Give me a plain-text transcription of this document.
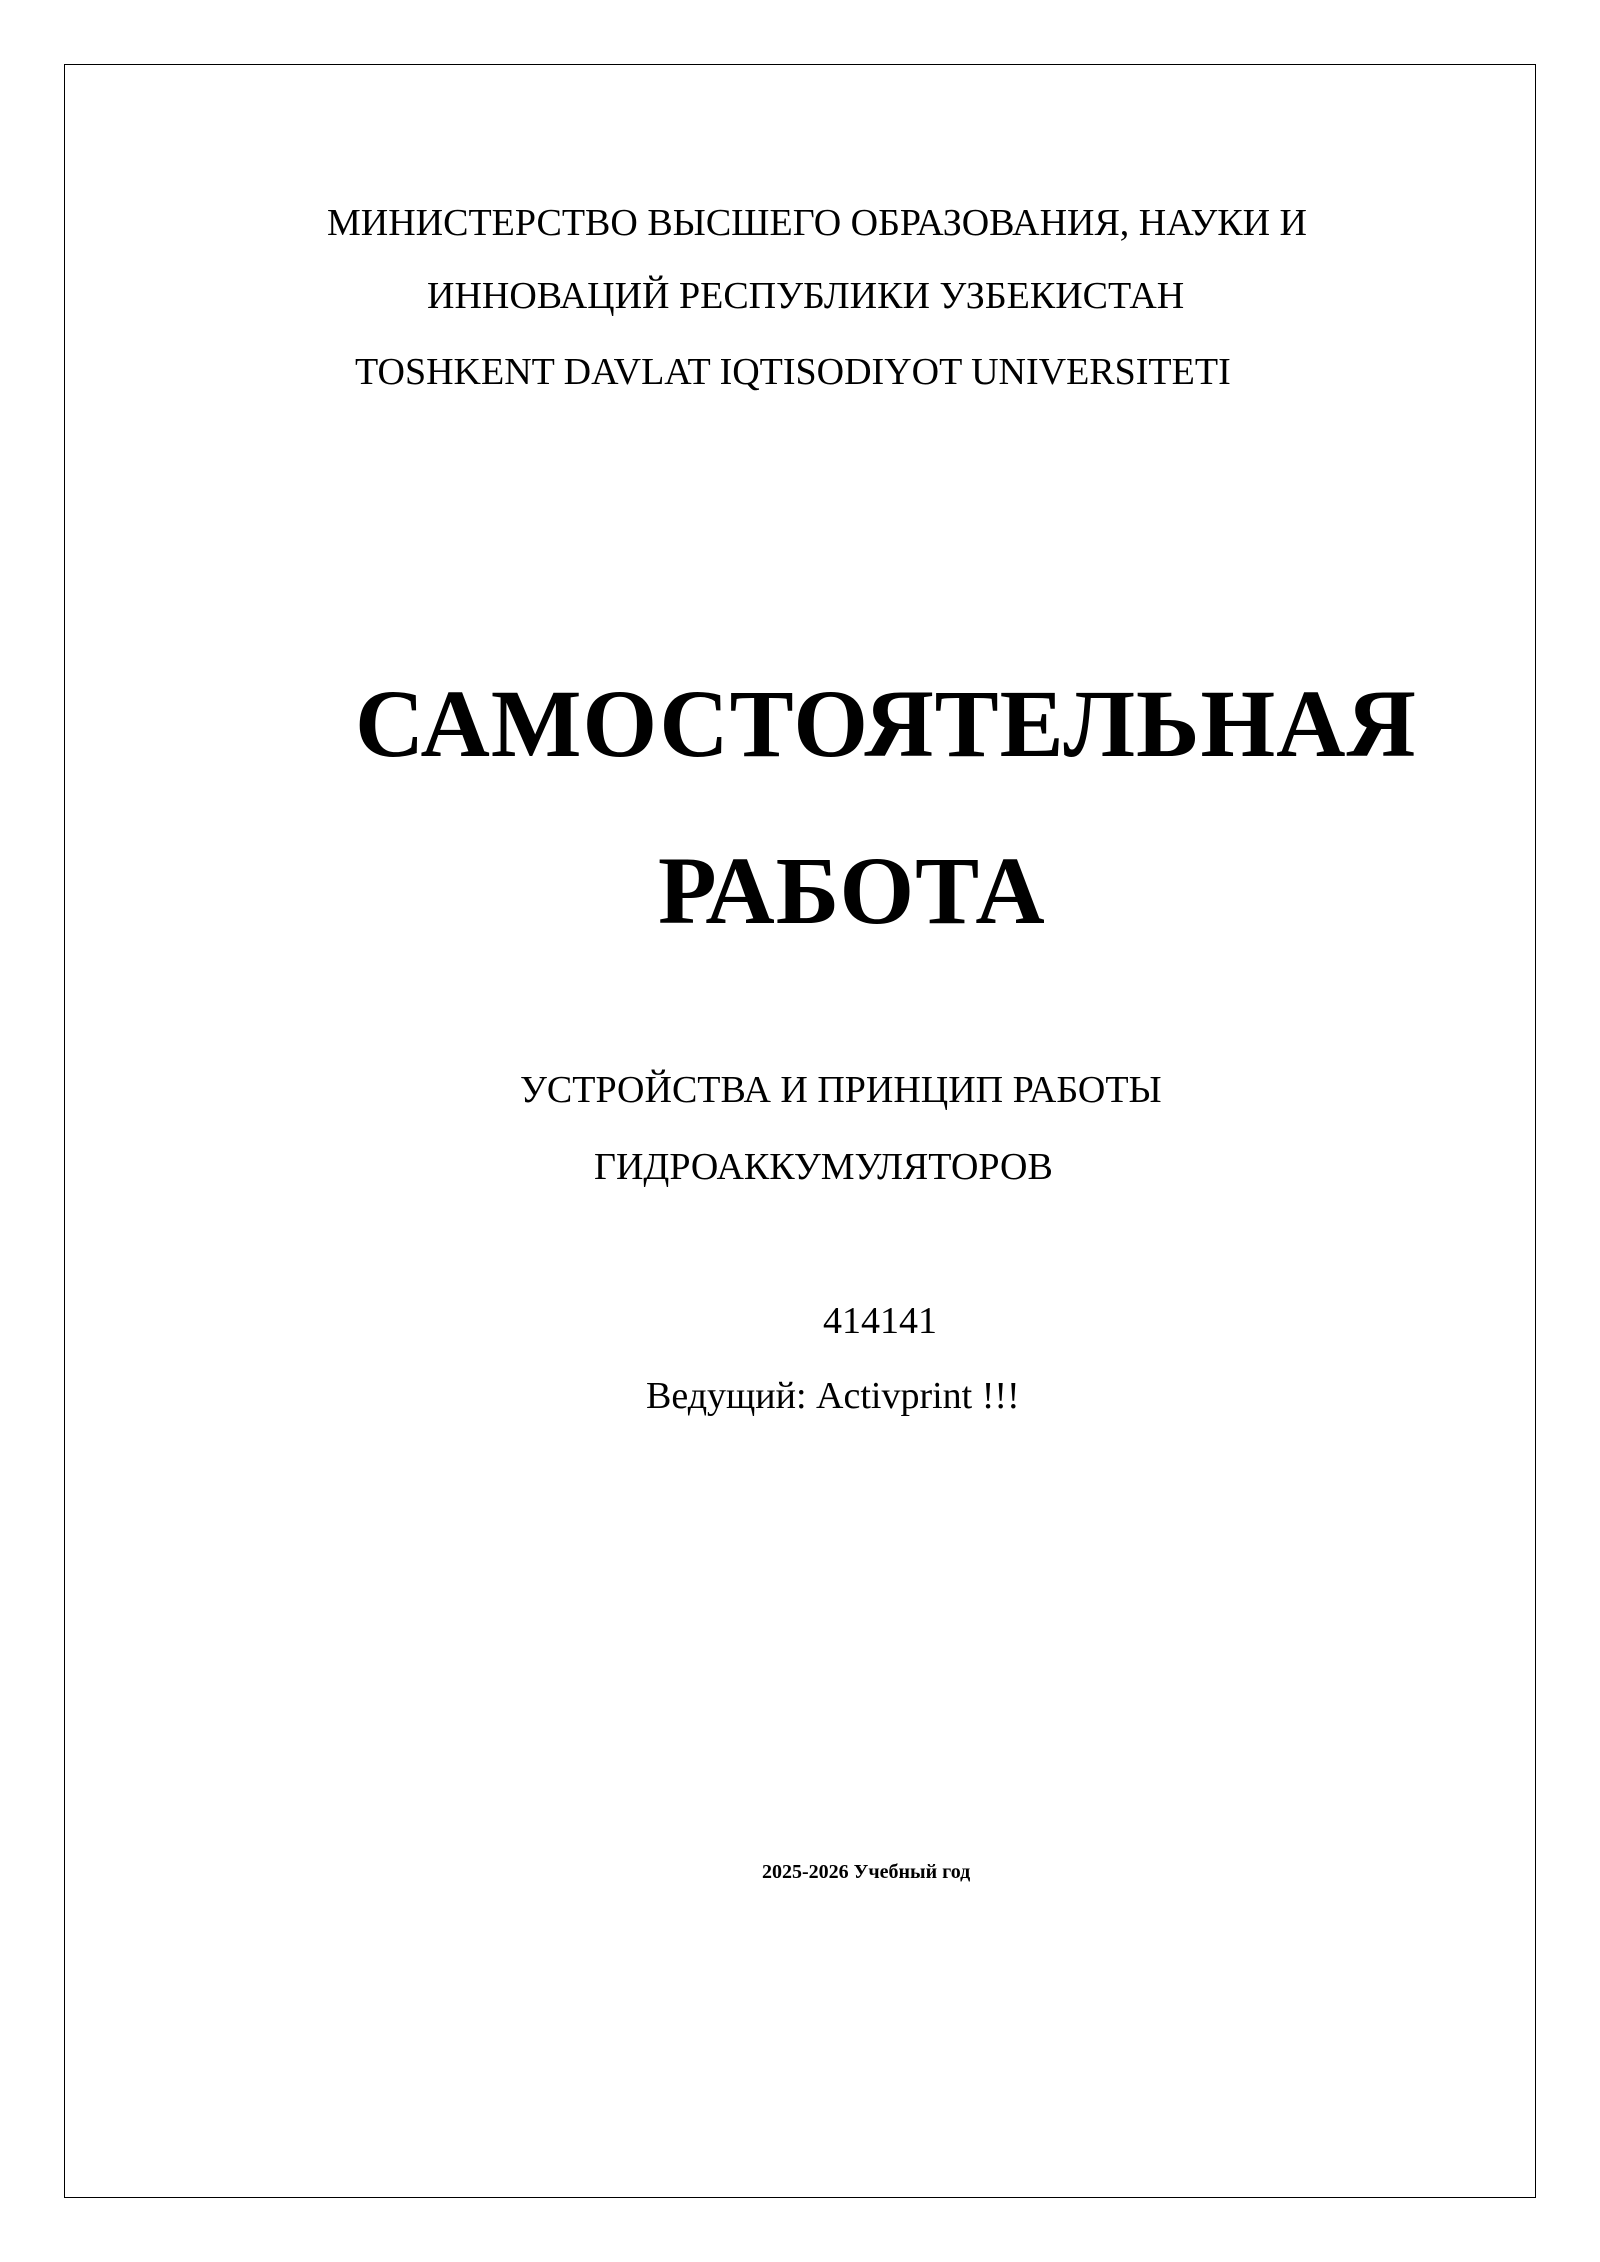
МИНИСТЕРСТВО ВЫСШЕГО ОБРАЗОВАНИЯ, НАУКИ И

ИННОВАЦИЙ РЕСПУБЛИКИ УЗБЕКИСТАН

TOSHKENT DAVLAT IQTISODIYOT UNIVERSITETI

САМОСТОЯТЕЛЬНАЯ
РАБОТА

УСТРОЙСТВА И ПРИНЦИП РАБОТЫ

ГИДРОАККУМУЛЯТОРОВ

414141

Ведущий: Activprint !!!

2025-2026 Учебный год
